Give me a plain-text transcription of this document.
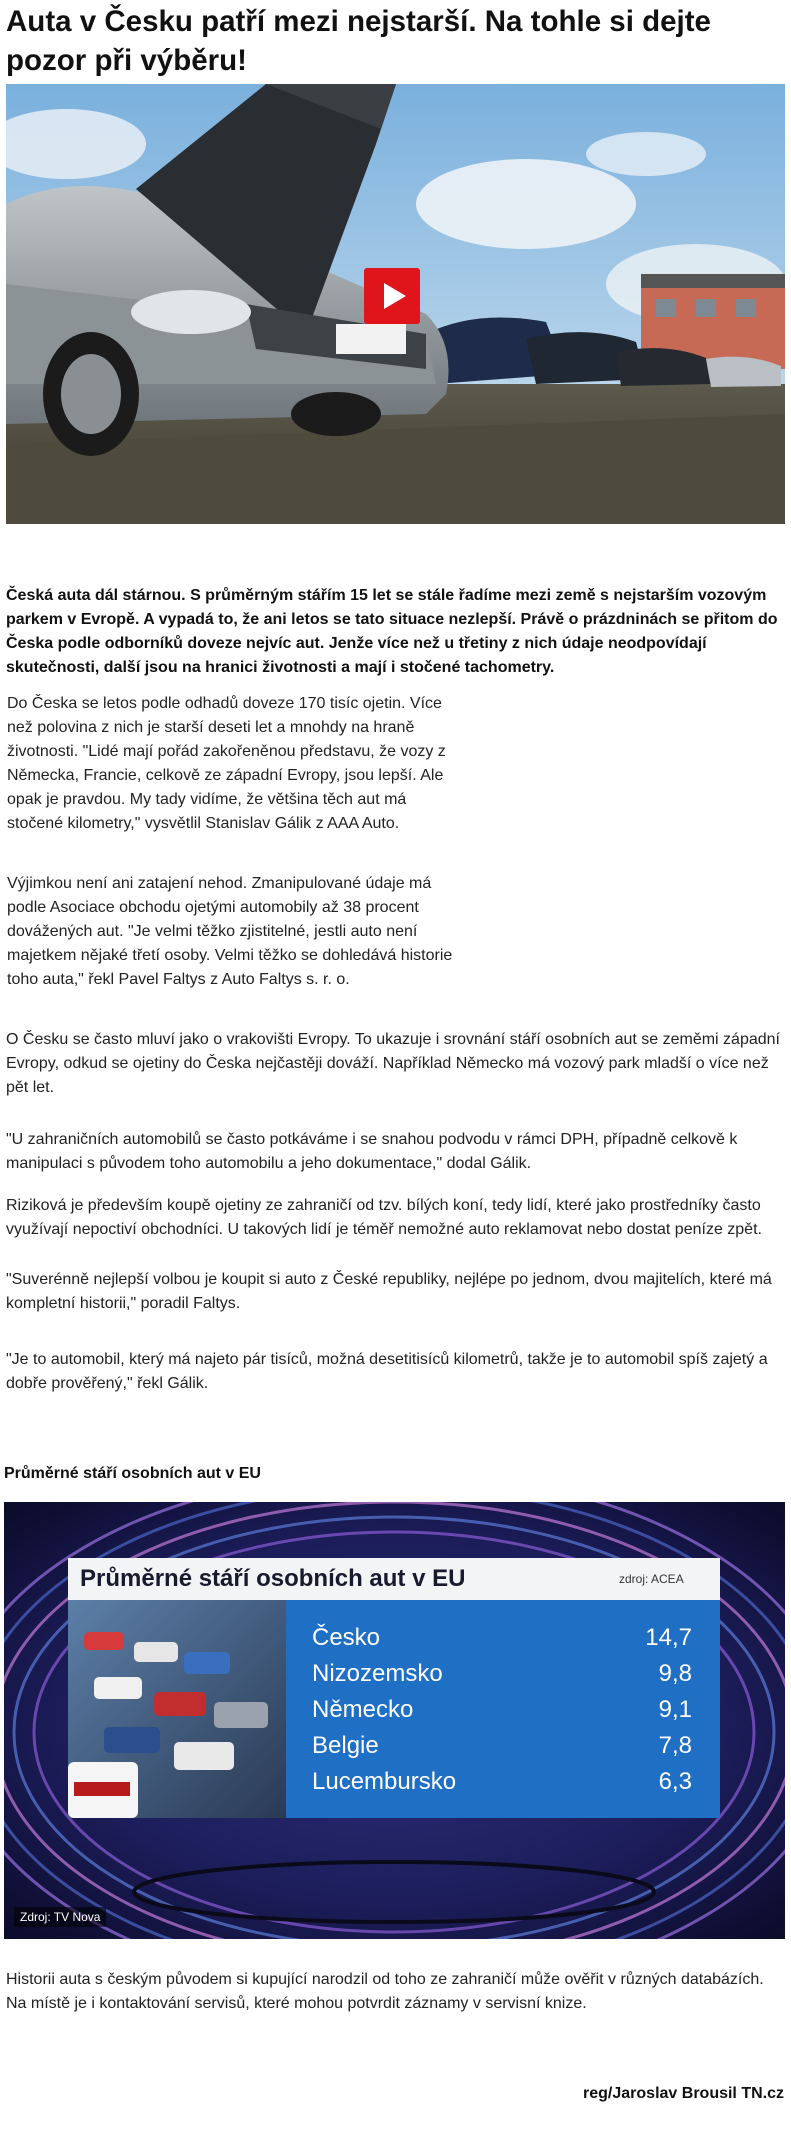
Auta v Česku patří mezi nejstarší. Na tohle si dejte pozor při výběru!

Česká auta dál stárnou. S průměrným stářím 15 let se stále řadíme mezi země s nejstarším vozovým parkem v Evropě. A vypadá to, že ani letos se tato situace nezlepší. Právě o prázdninách se přitom do Česka podle odborníků doveze nejvíc aut. Jenže více než u třetiny z nich údaje neodpovídají skutečnosti, další jsou na hranici životnosti a mají i stočené tachometry.

Do Česka se letos podle odhadů doveze 170 tisíc ojetin. Více než polovina z nich je starší deseti let a mnohdy na hraně životnosti. "Lidé mají pořád zakořeněnou představu, že vozy z Německa, Francie, celkově ze západní Evropy, jsou lepší. Ale opak je pravdou. My tady vidíme, že většina těch aut má stočené kilometry," vysvětlil Stanislav Gálik z AAA Auto.

Výjimkou není ani zatajení nehod. Zmanipulované údaje má podle Asociace obchodu ojetými automobily až 38 procent dovážených aut. "Je velmi těžko zjistitelné, jestli auto není majetkem nějaké třetí osoby. Velmi těžko se dohledává historie toho auta," řekl Pavel Faltys z Auto Faltys s. r. o.

O Česku se často mluví jako o vrakovišti Evropy. To ukazuje i srovnání stáří osobních aut se zeměmi západní Evropy, odkud se ojetiny do Česka nejčastěji dováží. Například Německo má vozový park mladší o více než pět let.

"U zahraničních automobilů se často potkáváme i se snahou podvodu v rámci DPH, případně celkově k manipulaci s původem toho automobilu a jeho dokumentace," dodal Gálik.

Riziková je především koupě ojetiny ze zahraničí od tzv. bílých koní, tedy lidí, které jako prostředníky často využívají nepoctiví obchodníci. U takových lidí je téměř nemožné auto reklamovat nebo dostat peníze zpět.

"Suverénně nejlepší volbou je koupit si auto z České republiky, nejlépe po jednom, dvou majitelích, které má kompletní historii," poradil Faltys.

"Je to automobil, který má najeto pár tisíců, možná desetitisíců kilometrů, takže je to automobil spíš zajetý a dobře prověřený," řekl Gálik.

Průměrné stáří osobních aut v EU
Průměrné stáří osobních aut v EU	zdroj: ACEA
Česko	14,7
Nizozemsko	9,8
Německo	9,1
Belgie	7,8
Lucembursko	6,3
Zdroj: TV Nova

Historii auta s českým původem si kupující narodzil od toho ze zahraničí může ověřit v různých databázích. Na místě je i kontaktování servisů, které mohou potvrdit záznamy v servisní knize.

reg/Jaroslav Brousil TN.cz
